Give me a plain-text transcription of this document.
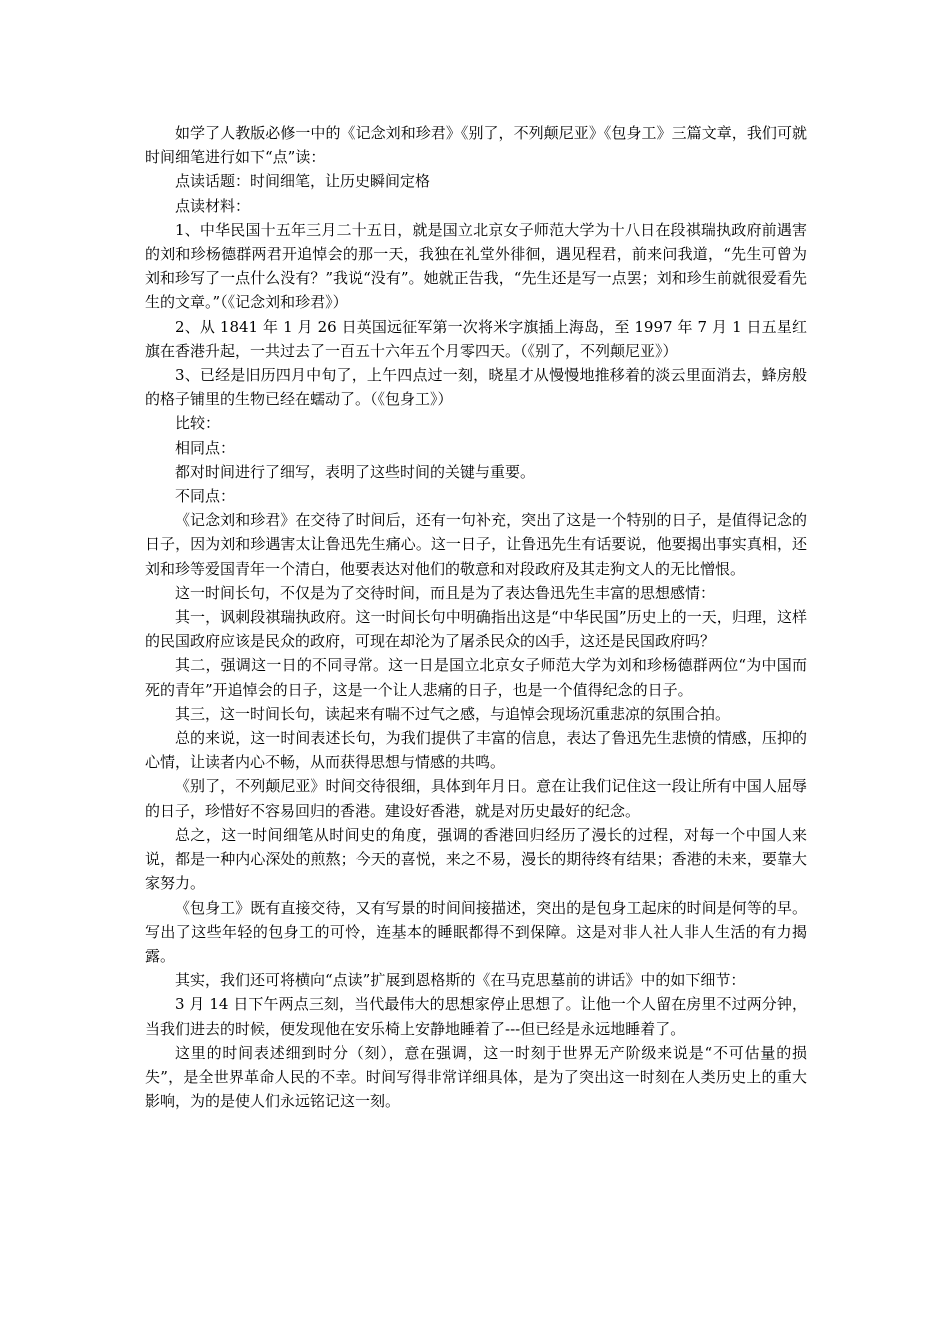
如学了人教版必修一中的《记念刘和珍君》《别了，不列颠尼亚》《包身工》三篇文章，我们可就时间细笔进行如下“点”读：

点读话题：时间细笔，让历史瞬间定格

点读材料：

1、中华民国十五年三月二十五日，就是国立北京女子师范大学为十八日在段祺瑞执政府前遇害的刘和珍杨德群两君开追悼会的那一天，我独在礼堂外徘徊，遇见程君，前来问我道，“先生可曾为刘和珍写了一点什么没有？”我说“没有”。她就正告我，“先生还是写一点罢；刘和珍生前就很爱看先生的文章。”（《记念刘和珍君》）

2、从 1841 年 1 月 26 日英国远征军第一次将米字旗插上海岛，至 1997 年 7 月 1 日五星红旗在香港升起，一共过去了一百五十六年五个月零四天。（《别了，不列颠尼亚》）

3、已经是旧历四月中旬了，上午四点过一刻，晓星才从慢慢地推移着的淡云里面消去，蜂房般的格子铺里的生物已经在蠕动了。（《包身工》）

比较：

相同点：

都对时间进行了细写，表明了这些时间的关键与重要。

不同点：

《记念刘和珍君》在交待了时间后，还有一句补充，突出了这是一个特别的日子，是值得记念的日子，因为刘和珍遇害太让鲁迅先生痛心。这一日子，让鲁迅先生有话要说，他要揭出事实真相，还刘和珍等爱国青年一个清白，他要表达对他们的敬意和对段政府及其走狗文人的无比憎恨。

这一时间长句，不仅是为了交待时间，而且是为了表达鲁迅先生丰富的思想感情：

其一，讽刺段祺瑞执政府。这一时间长句中明确指出这是“中华民国”历史上的一天，归理，这样的民国政府应该是民众的政府，可现在却沦为了屠杀民众的凶手，这还是民国政府吗？

其二，强调这一日的不同寻常。这一日是国立北京女子师范大学为刘和珍杨德群两位“为中国而死的青年”开追悼会的日子，这是一个让人悲痛的日子，也是一个值得纪念的日子。

其三，这一时间长句，读起来有喘不过气之感，与追悼会现场沉重悲凉的氛围合拍。

总的来说，这一时间表述长句，为我们提供了丰富的信息，表达了鲁迅先生悲愤的情感，压抑的心情，让读者内心不畅，从而获得思想与情感的共鸣。

《别了，不列颠尼亚》时间交待很细，具体到年月日。意在让我们记住这一段让所有中国人屈辱的日子，珍惜好不容易回归的香港。建设好香港，就是对历史最好的纪念。

总之，这一时间细笔从时间史的角度，强调的香港回归经历了漫长的过程，对每一个中国人来说，都是一种内心深处的煎熬；今天的喜悦，来之不易，漫长的期待终有结果；香港的未来，要靠大家努力。

《包身工》既有直接交待，又有写景的时间间接描述，突出的是包身工起床的时间是何等的早。写出了这些年轻的包身工的可怜，连基本的睡眠都得不到保障。这是对非人社人非人生活的有力揭露。

其实，我们还可将横向“点读”扩展到恩格斯的《在马克思墓前的讲话》中的如下细节：

3 月 14 日下午两点三刻，当代最伟大的思想家停止思想了。让他一个人留在房里不过两分钟，当我们进去的时候，便发现他在安乐椅上安静地睡着了---但已经是永远地睡着了。

这里的时间表述细到时分（刻），意在强调，这一时刻于世界无产阶级来说是“不可估量的损失”，是全世界革命人民的不幸。时间写得非常详细具体，是为了突出这一时刻在人类历史上的重大影响，为的是使人们永远铭记这一刻。
